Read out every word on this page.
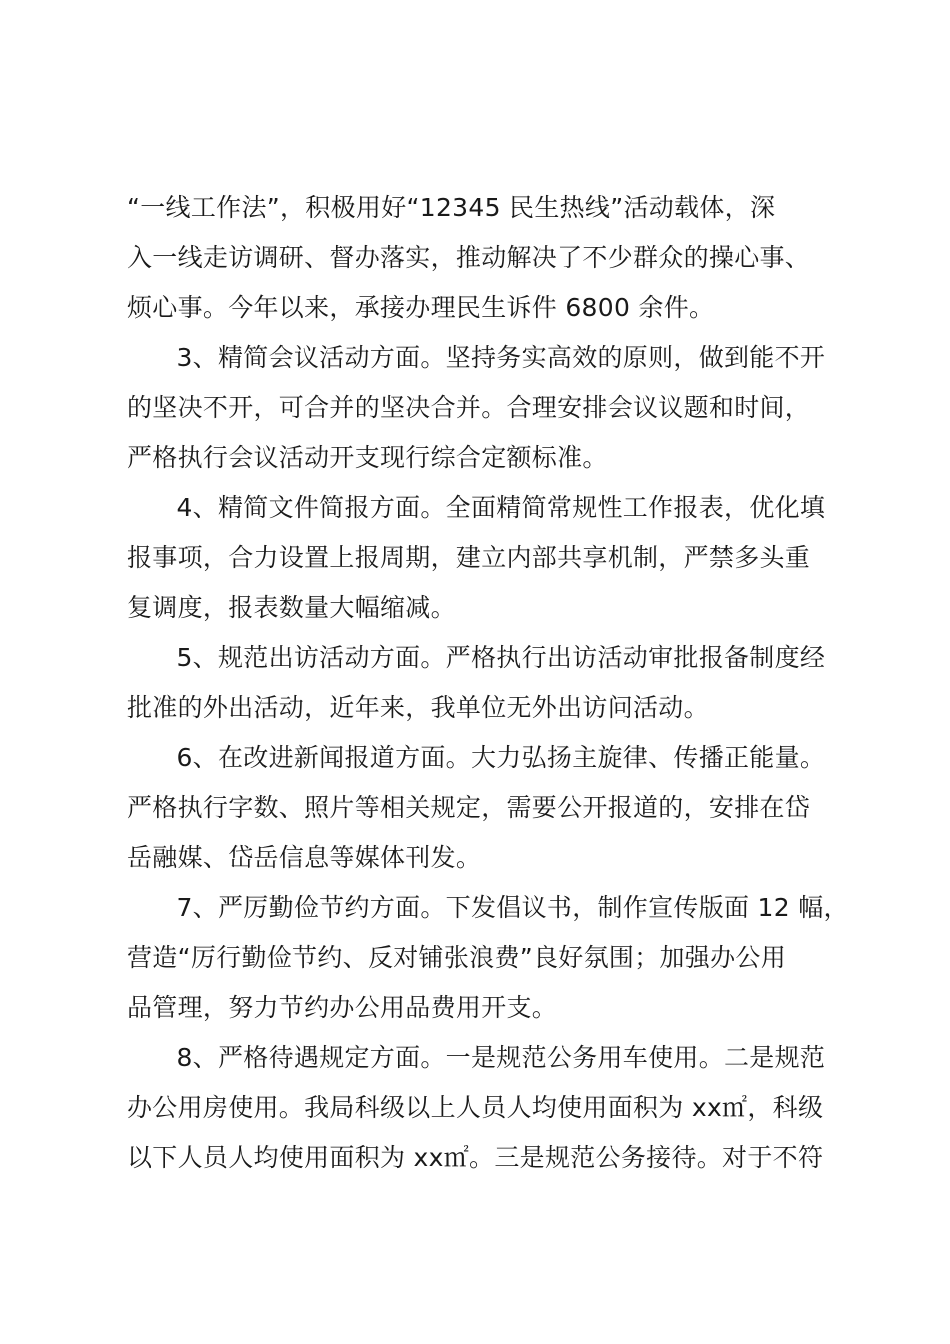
“一线工作法”，积极用好“12345 民生热线”活动载体，深
入一线走访调研、督办落实，推动解决了不少群众的操心事、
烦心事。今年以来，承接办理民生诉件 6800 余件。
3、精简会议活动方面。坚持务实高效的原则，做到能不开
的坚决不开，可合并的坚决合并。合理安排会议议题和时间，
严格执行会议活动开支现行综合定额标准。
4、精简文件简报方面。全面精简常规性工作报表，优化填
报事项，合力设置上报周期，建立内部共享机制，严禁多头重
复调度，报表数量大幅缩减。
5、规范出访活动方面。严格执行出访活动审批报备制度经
批准的外出活动，近年来，我单位无外出访问活动。
6、在改进新闻报道方面。大力弘扬主旋律、传播正能量。
严格执行字数、照片等相关规定，需要公开报道的，安排在岱
岳融媒、岱岳信息等媒体刊发。
7、严厉勤俭节约方面。下发倡议书，制作宣传版面 12 幅，
营造“厉行勤俭节约、反对铺张浪费”良好氛围；加强办公用
品管理，努力节约办公用品费用开支。
8、严格待遇规定方面。一是规范公务用车使用。二是规范
办公用房使用。我局科级以上人员人均使用面积为 xx㎡，科级
以下人员人均使用面积为 xx㎡。三是规范公务接待。对于不符
